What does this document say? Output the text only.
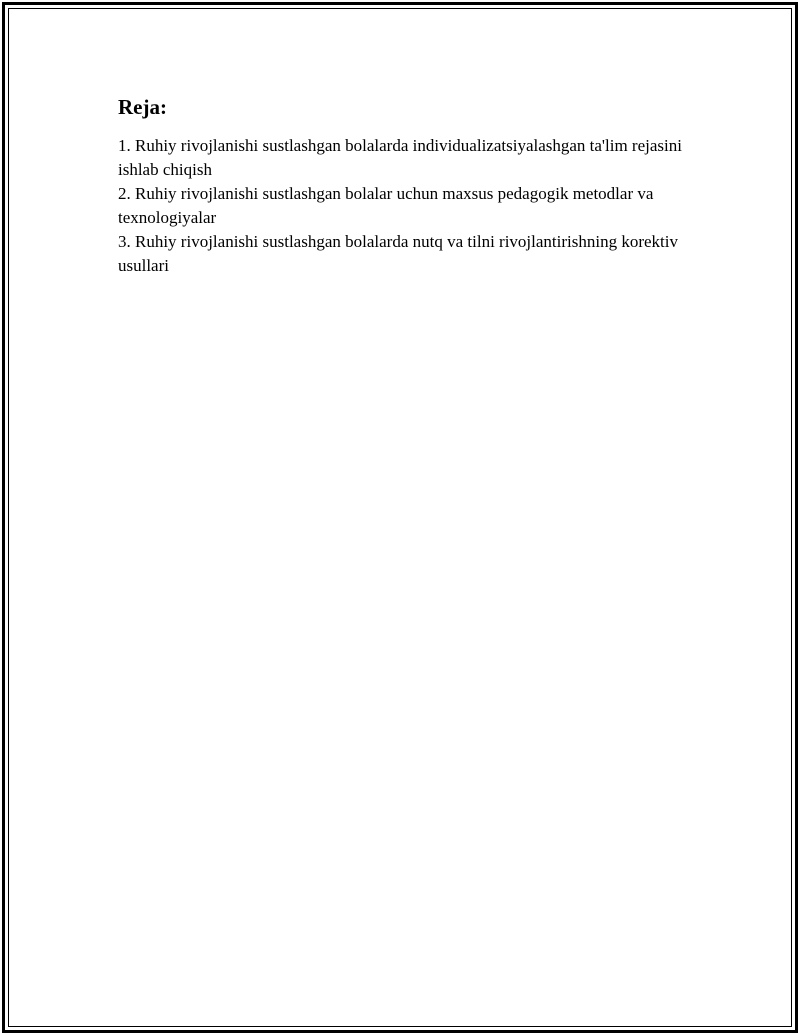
Reja:
1. Ruhiy rivojlanishi sustlashgan bolalarda individualizatsiyalashgan ta'lim rejasini ishlab chiqish
2. Ruhiy rivojlanishi sustlashgan bolalar uchun maxsus pedagogik metodlar va texnologiyalar
3. Ruhiy rivojlanishi sustlashgan bolalarda nutq va tilni rivojlantirishning korektiv usullari
